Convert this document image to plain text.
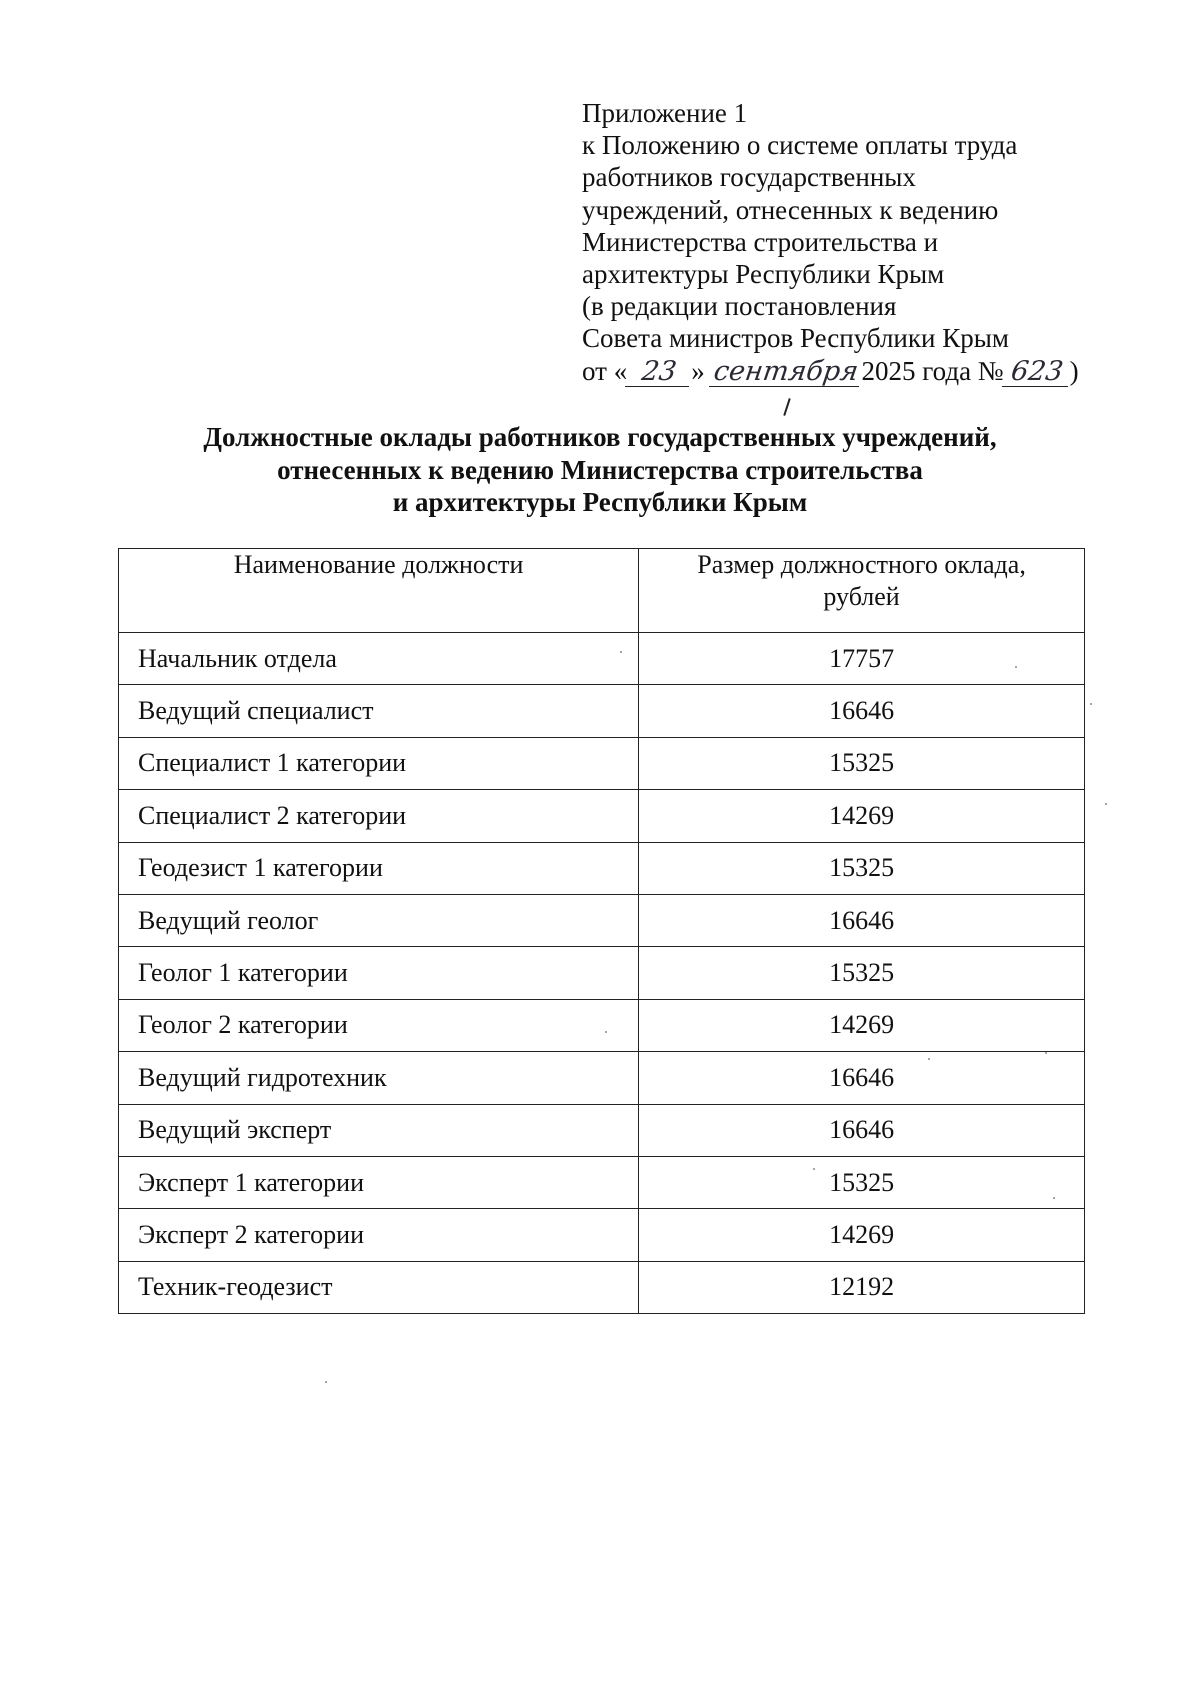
Приложение 1
к Положению о системе оплаты труда
работников государственных
учреждений, отнесенных к ведению
Министерства строительства и
архитектуры Республики Крым
(в редакции постановления
Совета министров Республики Крым
от « 23 » сентября2025 года № 623 )
Должностные оклады работников государственных учреждений,
отнесенных к ведению Министерства строительства
и архитектуры Республики Крым
Наименование должности	Размер должностного оклада, рублей
Начальник отдела	17757
Ведущий специалист	16646
Специалист 1 категории	15325
Специалист 2 категории	14269
Геодезист 1 категории	15325
Ведущий геолог	16646
Геолог 1 категории	15325
Геолог 2 категории	14269
Ведущий гидротехник	16646
Ведущий эксперт	16646
Эксперт 1 категории	15325
Эксперт 2 категории	14269
Техник-геодезист	12192
